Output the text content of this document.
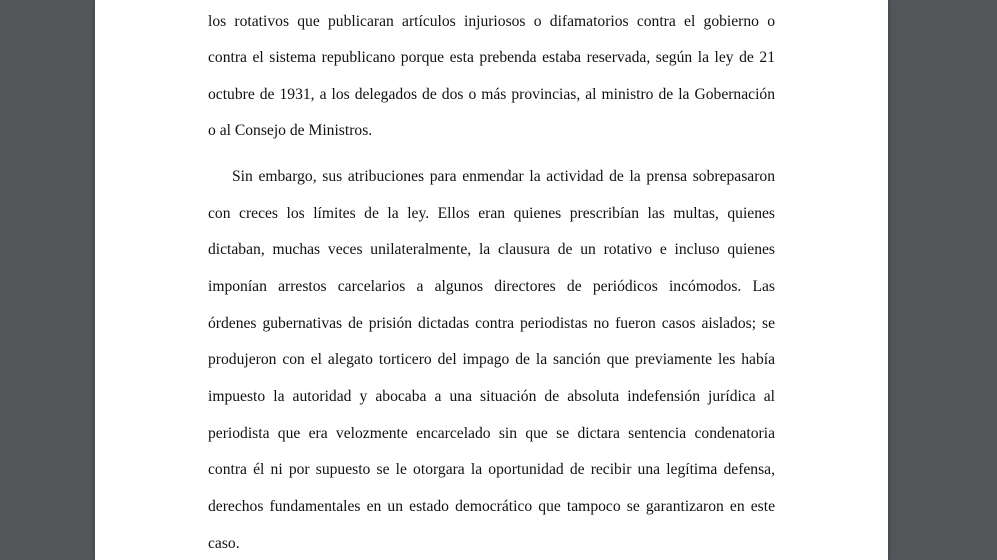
los rotativos que publicaran artículos injuriosos o difamatorios contra el gobierno o
contra el sistema republicano porque esta prebenda estaba reservada, según la ley de 21
octubre de 1931, a los delegados de dos o más provincias, al ministro de la Gobernación
o al Consejo de Ministros.
Sin embargo, sus atribuciones para enmendar la actividad de la prensa sobrepasaron
con creces los límites de la ley. Ellos eran quienes prescribían las multas, quienes
dictaban, muchas veces unilateralmente, la clausura de un rotativo e incluso quienes
imponían arrestos carcelarios a algunos directores de periódicos incómodos. Las
órdenes gubernativas de prisión dictadas contra periodistas no fueron casos aislados; se
produjeron con el alegato torticero del impago de la sanción que previamente les había
impuesto la autoridad y abocaba a una situación de absoluta indefensión jurídica al
periodista que era velozmente encarcelado sin que se dictara sentencia condenatoria
contra él ni por supuesto se le otorgara la oportunidad de recibir una legítima defensa,
derechos fundamentales en un estado democrático que tampoco se garantizaron en este
caso.
